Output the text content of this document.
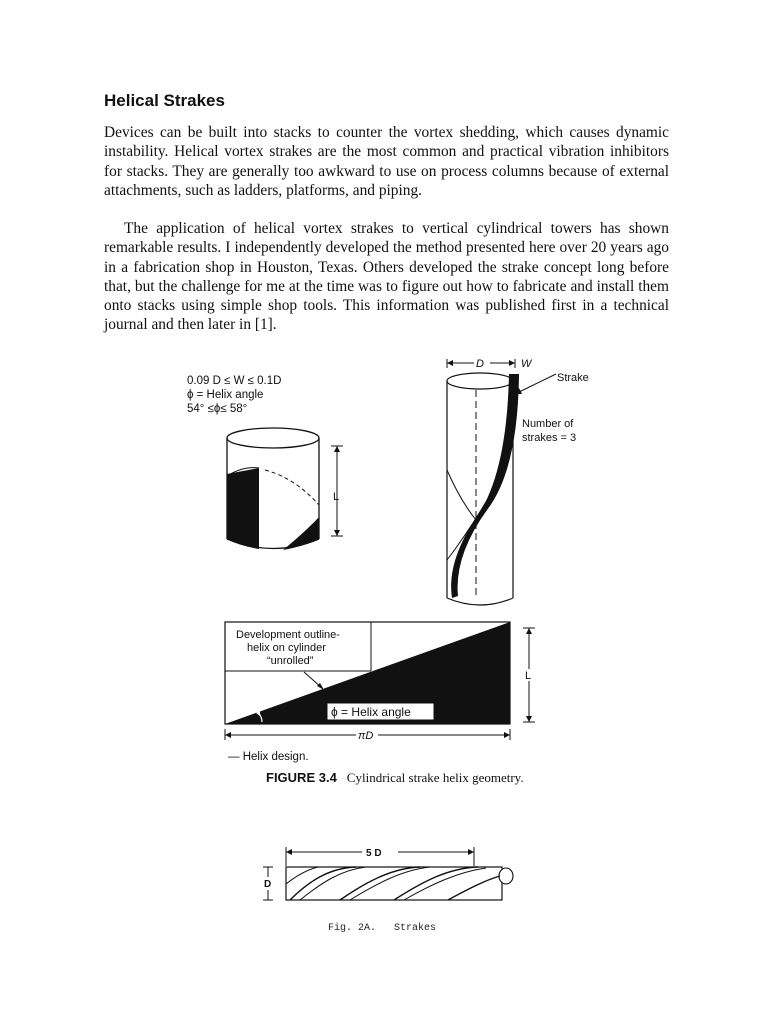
Helical Strakes

Devices can be built into stacks to counter the vortex shedding, which causes dynamic instability. Helical vortex strakes are the most common and practical vibration inhibitors for stacks. They are generally too awkward to use on process columns because of external attachments, such as ladders, platforms, and piping.

The application of helical vortex strakes to vertical cylindrical towers has shown remarkable results. I independently developed the method presented here over 20 years ago in a fabrication shop in Houston, Texas. Others developed the strake concept long before that, but the challenge for me at the time was to figure out how to fabricate and install them onto stacks using simple shop tools. This information was published first in a technical journal and then later in [1].

0.09 D ≤ W ≤ 0.1D
ϕ = Helix angle
54° ≤ϕ≤ 58°
L
D	W
Strake
Number of
strakes = 3
Development outline-
helix on cylinder
“unrolled”
ϕ = Helix angle
L
πD
5 D
D
— Helix design.
FIGURE 3.4 Cylindrical strake helix geometry.
Fig. 2A.   Strakes
